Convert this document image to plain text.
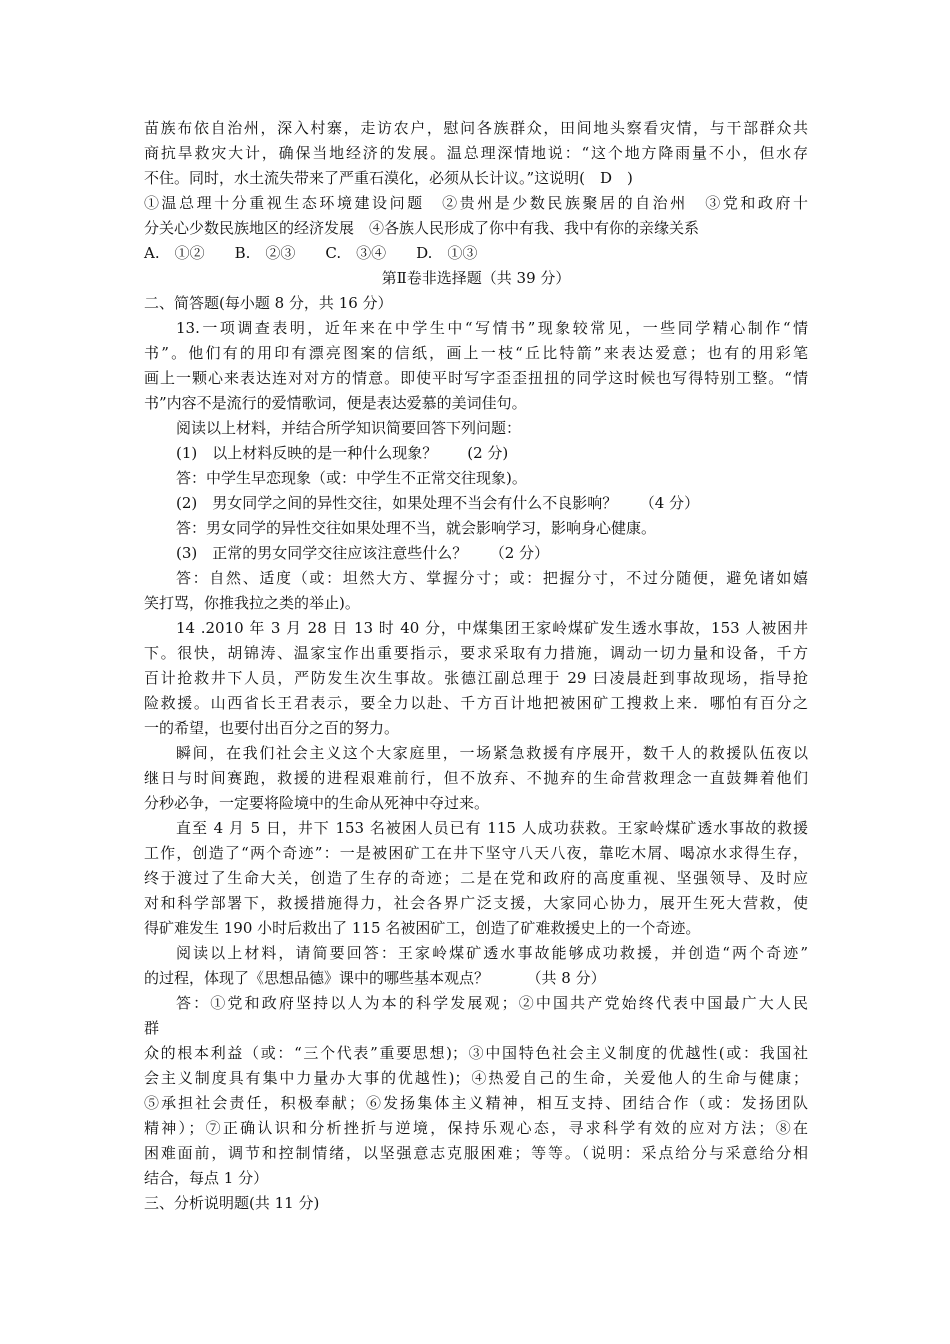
苗族布依自治州，深入村寨，走访农户，慰问各族群众，田间地头察看灾情，与干部群众共
商抗旱救灾大计，确保当地经济的发展。温总理深情地说：“这个地方降雨量不小，但水存
不住。同时，水土流失带来了严重石漠化，必须从长计议。”这说明(　D　)
①温总理十分重视生态环境建设问题　②贵州是少数民族聚居的自治州　③党和政府十
分关心少数民族地区的经济发展　④各族人民形成了你中有我、我中有你的亲缘关系
A.　①②　　B.　②③　　C.　③④　　D.　①③
第Ⅱ卷非选择题（共 39 分）
二、简答题(每小题 8 分，共 16 分）
13.一项调查表明，近年来在中学生中“写情书”现象较常见，一些同学精心制作“情
书”。他们有的用印有漂亮图案的信纸，画上一枝“丘比特箭”来表达爱意；也有的用彩笔
画上一颗心来表达连对对方的情意。即使平时写字歪歪扭扭的同学这时候也写得特别工整。“情
书”内容不是流行的爱情歌词，便是表达爱慕的美词佳句。
阅读以上材料，并结合所学知识简要回答下列问题：
(1)　以上材料反映的是一种什么现象？　　(2 分)
答：中学生早恋现象（或：中学生不正常交往现象)。
(2)　男女同学之间的异性交往，如果处理不当会有什么不良影响？　　（4 分）
答：男女同学的异性交往如果处理不当，就会影响学习，影响身心健康。
(3)　正常的男女同学交往应该注意些什么？　　（2 分）
答：自然、适度（或：坦然大方、掌握分寸；或：把握分寸，不过分随便，避免诸如嬉
笑打骂，你推我拉之类的举止)。
14 .2010 年 3 月 28 日 13 时 40 分，中煤集团王家岭煤矿发生透水事故，153 人被困井
下。很快，胡锦涛、温家宝作出重要指示，要求采取有力措施，调动一切力量和设备，千方
百计抢救井下人员，严防发生次生事故。张德江副总理于 29 曰凌晨赶到事故现场，指导抢
险救援。山西省长王君表示，要全力以赴、千方百计地把被困矿工搜救上来．哪怕有百分之
一的希望，也要付出百分之百的努力。
瞬间，在我们社会主义这个大家庭里，一场紧急救援有序展开，数千人的救援队伍夜以
继日与时间赛跑，救援的进程艰难前行，但不放弃、不抛弃的生命营救理念一直鼓舞着他们
分秒必争，一定要将险境中的生命从死神中夺过来。
直至 4 月 5 日，井下 153 名被困人员已有 115 人成功获救。王家岭煤矿透水事故的救援
工作，创造了“两个奇迹”：一是被困矿工在井下坚守八天八夜，靠吃木屑、喝凉水求得生存，
终于渡过了生命大关，创造了生存的奇迹；二是在党和政府的高度重视、坚强领导、及时应
对和科学部署下，救援措施得力，社会各界广泛支援，大家同心协力，展开生死大营救，使
得矿难发生 190 小时后救出了 115 名被困矿工，创造了矿难救援史上的一个奇迹。
阅读以上材料，请简要回答：王家岭煤矿透水事故能够成功救援，并创造“两个奇迹”
的过程，体现了《思想品德》课中的哪些基本观点？　　　（共 8 分）
答：①党和政府坚持以人为本的科学发展观；②中国共产党始终代表中国最广大人民
群
众的根本利益（或：“三个代表”重要思想)；③中国特色社会主义制度的优越性(或：我国社
会主义制度具有集中力量办大事的优越性)；④热爱自己的生命，关爱他人的生命与健康；
⑤承担社会责任，积极奉献；⑥发扬集体主义精神，相互支持、团结合作（或：发扬团队
精神）；⑦正确认识和分析挫折与逆境，保持乐观心态，寻求科学有效的应对方法；⑧在
困难面前，调节和控制情绪，以坚强意志克服困难；等等。（说明：采点给分与采意给分相
结合，每点 1 分）
三、分析说明题(共 11 分)
